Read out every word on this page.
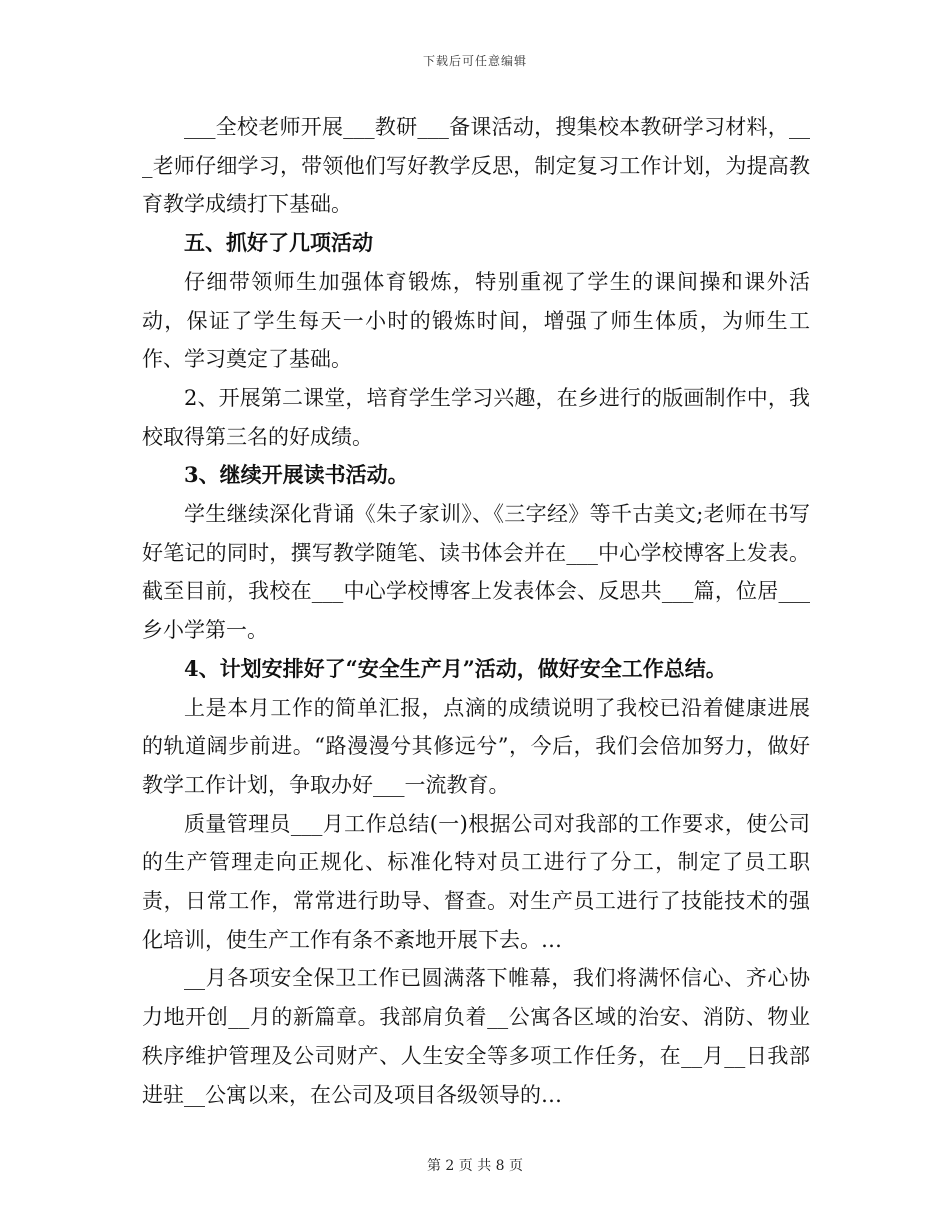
下载后可任意编辑

___全校老师开展___教研___备课活动，搜集校本教研学习材料，___老师仔细学习，带领他们写好教学反思，制定复习工作计划，为提高教育教学成绩打下基础。

五、抓好了几项活动

仔细带领师生加强体育锻炼，特别重视了学生的课间操和课外活动，保证了学生每天一小时的锻炼时间，增强了师生体质，为师生工作、学习奠定了基础。

2、开展第二课堂，培育学生学习兴趣，在乡进行的版画制作中，我校取得第三名的好成绩。

3、继续开展读书活动。

学生继续深化背诵《朱子家训》、《三字经》等千古美文;老师在书写好笔记的同时，撰写教学随笔、读书体会并在___中心学校博客上发表。截至目前，我校在___中心学校博客上发表体会、反思共___篇，位居___乡小学第一。

4、计划安排好了“安全生产月”活动，做好安全工作总结。

上是本月工作的简单汇报，点滴的成绩说明了我校已沿着健康进展的轨道阔步前进。“路漫漫兮其修远兮”，今后，我们会倍加努力，做好教学工作计划，争取办好___一流教育。

质量管理员___月工作总结(一)根据公司对我部的工作要求，使公司的生产管理走向正规化、标准化特对员工进行了分工，制定了员工职责，日常工作，常常进行助导、督查。对生产员工进行了技能技术的强化培训，使生产工作有条不紊地开展下去。…

__月各项安全保卫工作已圆满落下帷幕，我们将满怀信心、齐心协力地开创__月的新篇章。我部肩负着__公寓各区域的治安、消防、物业秩序维护管理及公司财产、人生安全等多项工作任务，在__月__日我部进驻__公寓以来，在公司及项目各级领导的…

第 2 页 共 8 页
